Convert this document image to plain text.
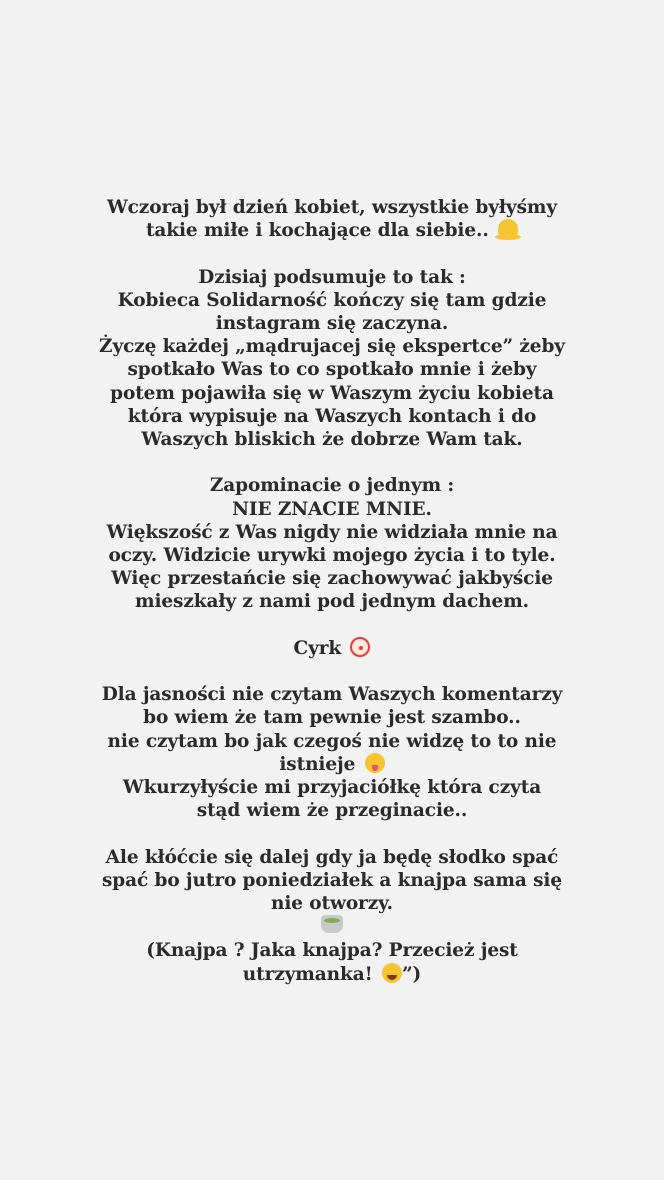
Wczoraj był dzień kobiet, wszystkie byłyśmy
takie miłe i kochające dla siebie..
Dzisiaj podsumuje to tak :
Kobieca Solidarność kończy się tam gdzie
instagram się zaczyna.
Życzę każdej „mądrujacej się ekspertce” żeby
spotkało Was to co spotkało mnie i żeby
potem pojawiła się w Waszym życiu kobieta
która wypisuje na Waszych kontach i do
Waszych bliskich że dobrze Wam tak.
Zapominacie o jednym :
NIE ZNACIE MNIE.
Większość z Was nigdy nie widziała mnie na
oczy. Widzicie urywki mojego życia i to tyle.
Więc przestańcie się zachowywać jakbyście
mieszkały z nami pod jednym dachem.
Cyrk
Dla jasności nie czytam Waszych komentarzy
bo wiem że tam pewnie jest szambo..
nie czytam bo jak czegoś nie widzę to to nie
istnieje
Wkurzyłyście mi przyjaciółkę która czyta
stąd wiem że przeginacie..
Ale kłóćcie się dalej gdy ja będę słodko spać
spać bo jutro poniedziałek a knajpa sama się
nie otworzy.
(Knajpa ? Jaka knajpa? Przecież jest
utrzymanka! ”)
